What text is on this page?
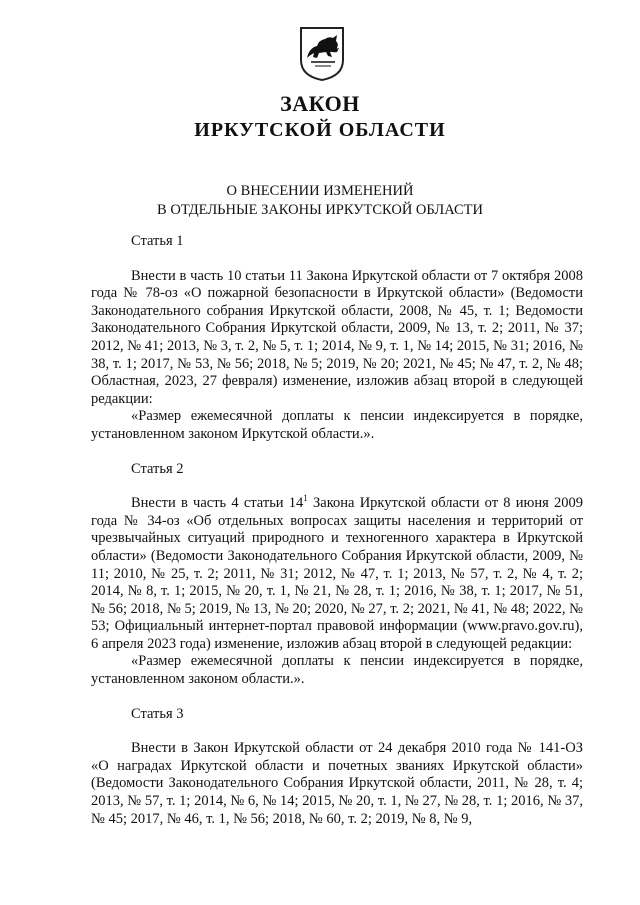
ЗАКОН
ИРКУТСКОЙ ОБЛАСТИ
О ВНЕСЕНИИ ИЗМЕНЕНИЙ
В ОТДЕЛЬНЫЕ ЗАКОНЫ ИРКУТСКОЙ ОБЛАСТИ
Статья 1

Внести в часть 10 статьи 11 Закона Иркутской области от 7 октября 2008 года № 78-оз «О пожарной безопасности в Иркутской области» (Ведомости Законодательного собрания Иркутской области, 2008, № 45, т. 1; Ведомости Законодательного Собрания Иркутской области, 2009, № 13, т. 2; 2011, № 37; 2012, № 41; 2013, № 3, т. 2, № 5, т. 1; 2014, № 9, т. 1, № 14; 2015, № 31; 2016, № 38, т. 1; 2017, № 53, № 56; 2018, № 5; 2019, № 20; 2021, № 45; № 47, т. 2, № 48; Областная, 2023, 27 февраля) изменение, изложив абзац второй в следующей редакции:

«Размер ежемесячной доплаты к пенсии индексируется в порядке, установленном законом Иркутской области.».

Статья 2

Внести в часть 4 статьи $14^1$ Закона Иркутской области от 8 июня 2009 года № 34-оз «Об отдельных вопросах защиты населения и территорий от чрезвычайных ситуаций природного и техногенного характера в Иркутской области» (Ведомости Законодательного Собрания Иркутской области, 2009, № 11; 2010, № 25, т. 2; 2011, № 31; 2012, № 47, т. 1; 2013, № 57, т. 2, № 4, т. 2; 2014, № 8, т. 1; 2015, № 20, т. 1, № 21, № 28, т. 1; 2016, № 38, т. 1; 2017, № 51, № 56; 2018, № 5; 2019, № 13, № 20; 2020, № 27, т. 2; 2021, № 41, № 48; 2022, № 53; Официальный интернет-портал правовой информации (www.pravo.gov.ru), 6 апреля 2023 года) изменение, изложив абзац второй в следующей редакции:

«Размер ежемесячной доплаты к пенсии индексируется в порядке, установленном законом области.».

Статья 3

Внести в Закон Иркутской области от 24 декабря 2010 года № 141-ОЗ «О наградах Иркутской области и почетных званиях Иркутской области» (Ведомости Законодательного Собрания Иркутской области, 2011, № 28, т. 4; 2013, № 57, т. 1; 2014, № 6, № 14; 2015, № 20, т. 1, № 27, № 28, т. 1; 2016, № 37, № 45; 2017, № 46, т. 1, № 56; 2018, № 60, т. 2; 2019, № 8, № 9,
